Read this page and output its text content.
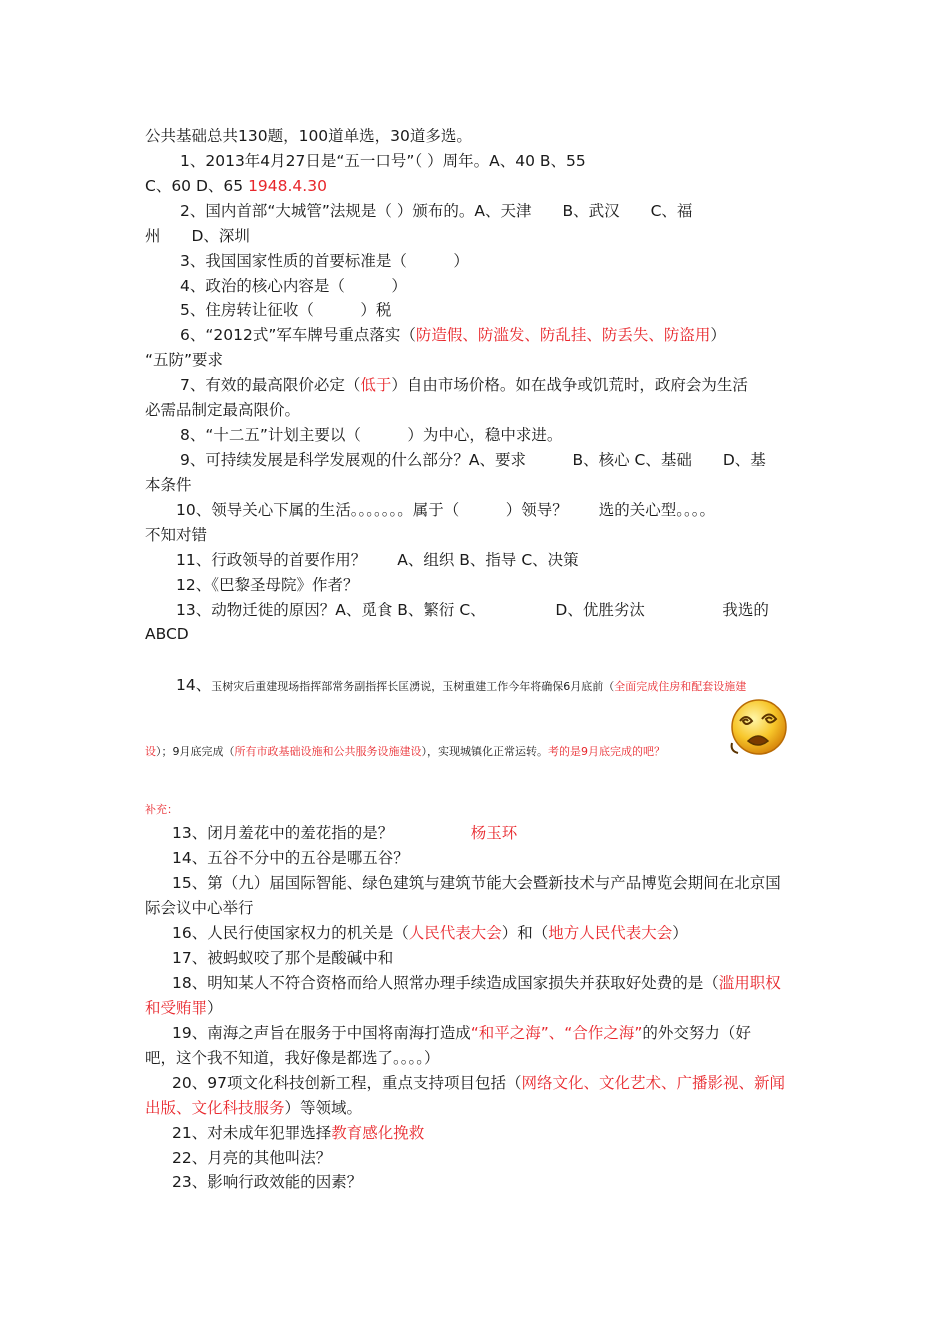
公共基础总共130题，100道单选，30道多选。
1、2013年4月27日是“五一口号”（ ）周年。A、40 B、55
C、60 D、65 1948.4.30
2、国内首部“大城管”法规是（ ）颁布的。A、天津　　B、武汉　　C、福
州　　D、深圳
3、我国国家性质的首要标准是（　　　）
4、政治的核心内容是（　　　）
5、住房转让征收（　　　）税
6、“2012式”军车牌号重点落实（防造假、防滥发、防乱挂、防丢失、防盗用）
“五防”要求
7、有效的最高限价必定（低于）自由市场价格。如在战争或饥荒时，政府会为生活
必需品制定最高限价。
8、“十二五”计划主要以（　　　）为中心，稳中求进。
9、可持续发展是科学发展观的什么部分？A、要求　　　B、核心 C、基础　　D、基
本条件
10、领导关心下属的生活。。。。。。。属于（　　　）领导？　　选的关心型。。。。
不知对错
11、行政领导的首要作用？　　A、组织 B、指导 C、决策
12、《巴黎圣母院》作者？
13、动物迁徙的原因？A、觅食 B、繁衍 C、　　　　　D、优胜劣汰　　　　　我选的
ABCD
14、玉树灾后重建现场指挥部常务副指挥长匡湧说，玉树重建工作今年将确保6月底前（全面完成住房和配套设施建
设）；9月底完成（所有市政基础设施和公共服务设施建设），实现城镇化正常运转。考的是9月底完成的吧？
补充：
13、闭月羞花中的羞花指的是？　　　　　杨玉环
14、五谷不分中的五谷是哪五谷？
15、第（九）届国际智能、绿色建筑与建筑节能大会暨新技术与产品博览会期间在北京国
际会议中心举行
16、人民行使国家权力的机关是（人民代表大会）和（地方人民代表大会）
17、被蚂蚁咬了那个是酸碱中和
18、明知某人不符合资格而给人照常办理手续造成国家损失并获取好处费的是（滥用职权
和受贿罪）
19、南海之声旨在服务于中国将南海打造成“和平之海”、“合作之海”的外交努力（好
吧，这个我不知道，我好像是都选了。。。。）
20、97项文化科技创新工程，重点支持项目包括（网络文化、文化艺术、广播影视、新闻
出版、文化科技服务）等领域。
21、对未成年犯罪选择教育感化挽救
22、月亮的其他叫法？
23、影响行政效能的因素？
